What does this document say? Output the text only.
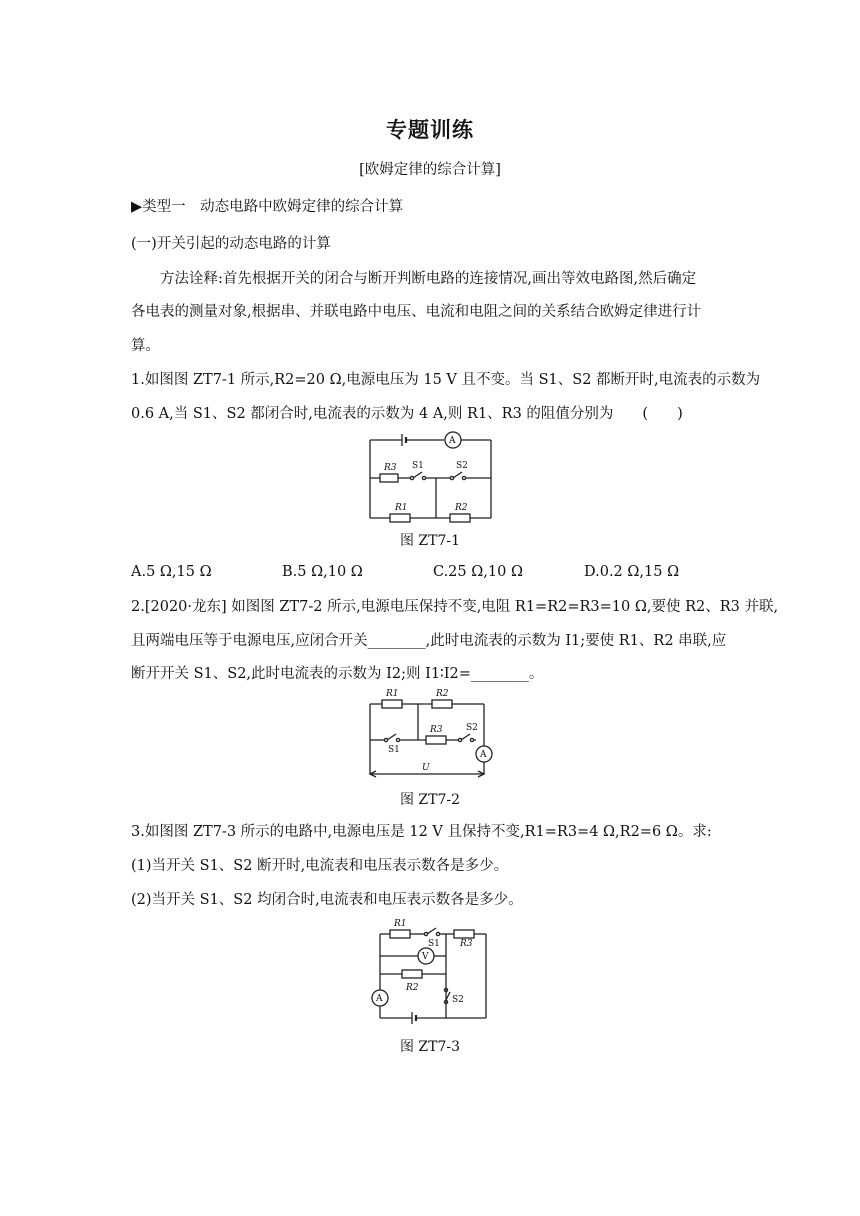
专题训练
[欧姆定律的综合计算]
▶类型一　动态电路中欧姆定律的综合计算
(一)开关引起的动态电路的计算
方法诠释:首先根据开关的闭合与断开判断电路的连接情况,画出等效电路图,然后确定
各电表的测量对象,根据串、并联电路中电压、电流和电阻之间的关系结合欧姆定律进行计
算。
1.如图图 ZT7-1 所示,R2=20 Ω,电源电压为 15 V 且不变。当 S1、S2 都断开时,电流表的示数为
0.6 A,当 S1、S2 都闭合时,电流表的示数为 4 A,则 R1、R3 的阻值分别为　　(　　)
A
R3 S1	S2
R1	R2
图 ZT7-1
A.5 Ω,15 Ω	B.5 Ω,10 Ω	C.25 Ω,10 Ω	D.0.2 Ω,15 Ω
2.[2020·龙东] 如图图 ZT7-2 所示,电源电压保持不变,电阻 R1=R2=R3=10 Ω,要使 R2、R3 并联,
且两端电压等于电源电压,应闭合开关________,此时电流表的示数为 I1;要使 R1、R2 串联,应
断开开关 S1、S2,此时电流表的示数为 I2;则 I1∶I2=________。
R1	R2
R3	S2
S1	A
U
图 ZT7-2
3.如图图 ZT7-3 所示的电路中,电源电压是 12 V 且保持不变,R1=R3=4 Ω,R2=6 Ω。求:
(1)当开关 S1、S2 断开时,电流表和电压表示数各是多少。
(2)当开关 S1、S2 均闭合时,电流表和电压表示数各是多少。
R1
S1 R3
V
R2
S2
A
图 ZT7-3
